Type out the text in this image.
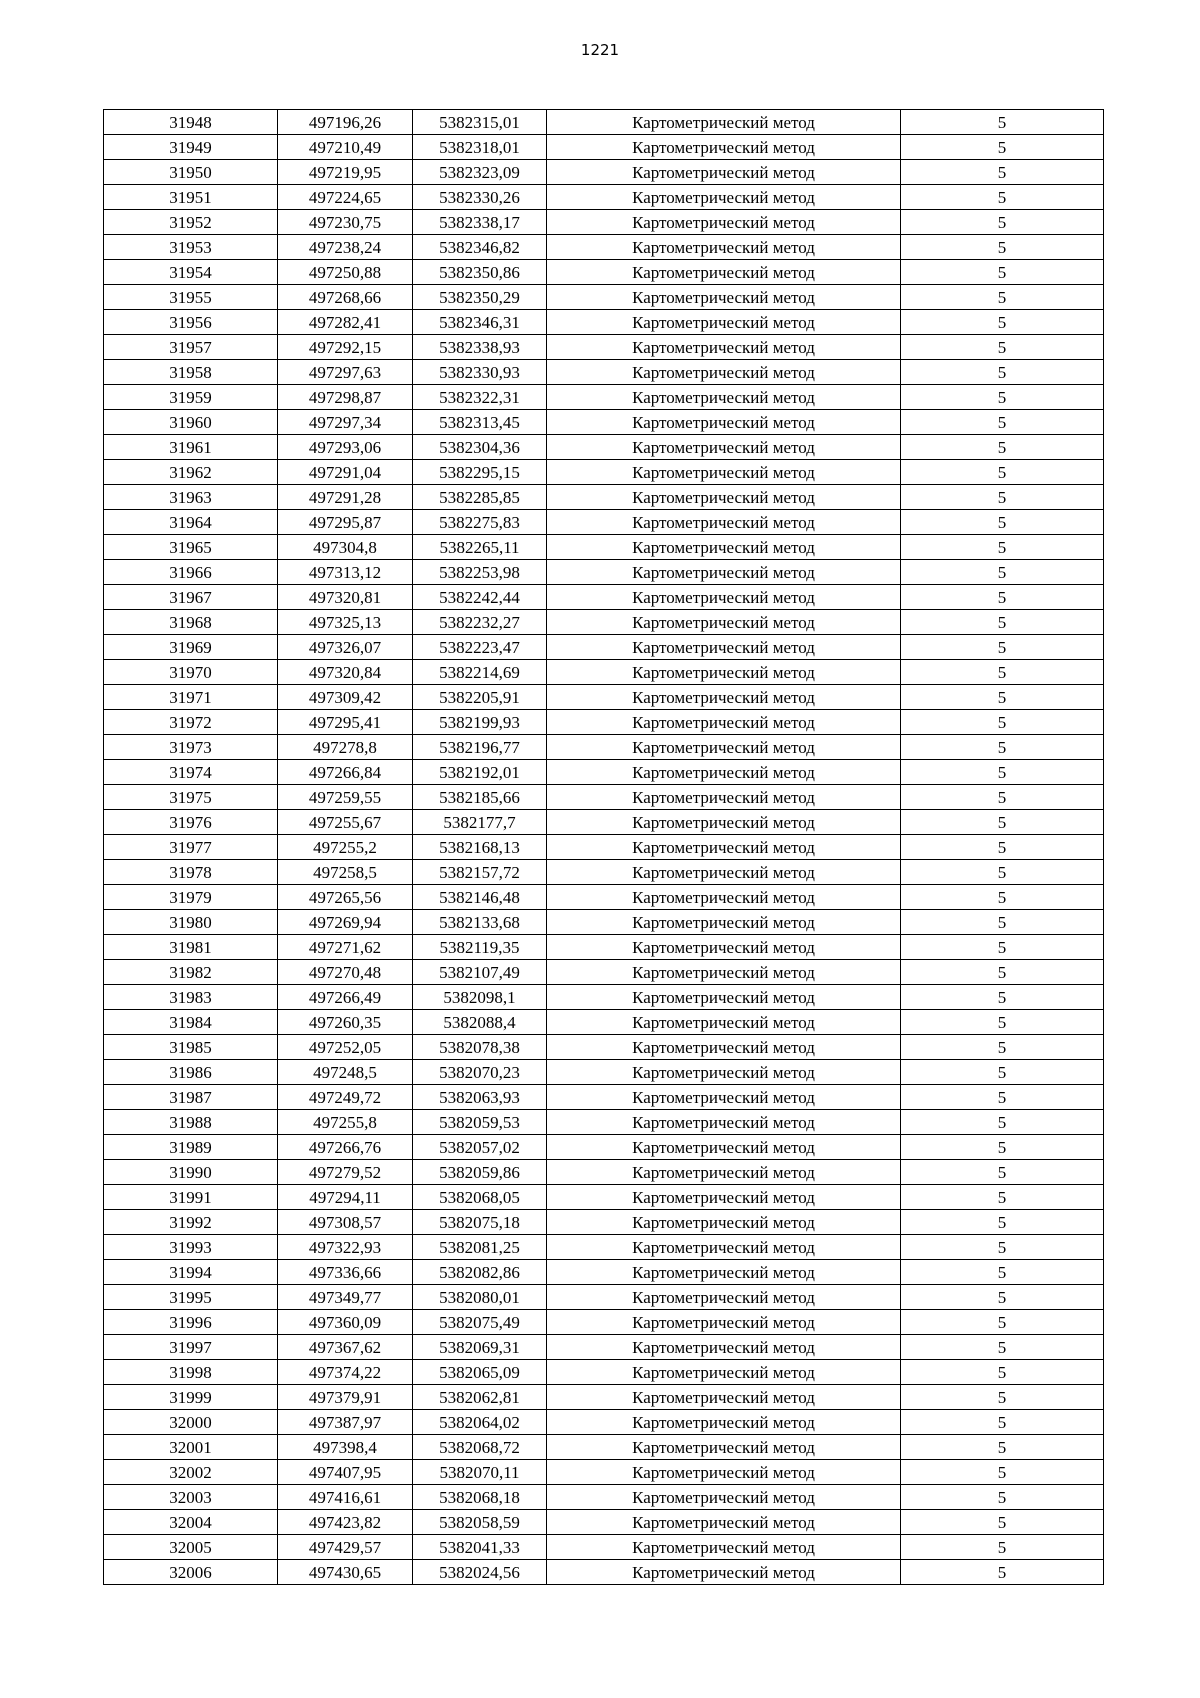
1221
31948	497196,26	5382315,01	Картометрический метод	5
31949	497210,49	5382318,01	Картометрический метод	5
31950	497219,95	5382323,09	Картометрический метод	5
31951	497224,65	5382330,26	Картометрический метод	5
31952	497230,75	5382338,17	Картометрический метод	5
31953	497238,24	5382346,82	Картометрический метод	5
31954	497250,88	5382350,86	Картометрический метод	5
31955	497268,66	5382350,29	Картометрический метод	5
31956	497282,41	5382346,31	Картометрический метод	5
31957	497292,15	5382338,93	Картометрический метод	5
31958	497297,63	5382330,93	Картометрический метод	5
31959	497298,87	5382322,31	Картометрический метод	5
31960	497297,34	5382313,45	Картометрический метод	5
31961	497293,06	5382304,36	Картометрический метод	5
31962	497291,04	5382295,15	Картометрический метод	5
31963	497291,28	5382285,85	Картометрический метод	5
31964	497295,87	5382275,83	Картометрический метод	5
31965	497304,8	5382265,11	Картометрический метод	5
31966	497313,12	5382253,98	Картометрический метод	5
31967	497320,81	5382242,44	Картометрический метод	5
31968	497325,13	5382232,27	Картометрический метод	5
31969	497326,07	5382223,47	Картометрический метод	5
31970	497320,84	5382214,69	Картометрический метод	5
31971	497309,42	5382205,91	Картометрический метод	5
31972	497295,41	5382199,93	Картометрический метод	5
31973	497278,8	5382196,77	Картометрический метод	5
31974	497266,84	5382192,01	Картометрический метод	5
31975	497259,55	5382185,66	Картометрический метод	5
31976	497255,67	5382177,7	Картометрический метод	5
31977	497255,2	5382168,13	Картометрический метод	5
31978	497258,5	5382157,72	Картометрический метод	5
31979	497265,56	5382146,48	Картометрический метод	5
31980	497269,94	5382133,68	Картометрический метод	5
31981	497271,62	5382119,35	Картометрический метод	5
31982	497270,48	5382107,49	Картометрический метод	5
31983	497266,49	5382098,1	Картометрический метод	5
31984	497260,35	5382088,4	Картометрический метод	5
31985	497252,05	5382078,38	Картометрический метод	5
31986	497248,5	5382070,23	Картометрический метод	5
31987	497249,72	5382063,93	Картометрический метод	5
31988	497255,8	5382059,53	Картометрический метод	5
31989	497266,76	5382057,02	Картометрический метод	5
31990	497279,52	5382059,86	Картометрический метод	5
31991	497294,11	5382068,05	Картометрический метод	5
31992	497308,57	5382075,18	Картометрический метод	5
31993	497322,93	5382081,25	Картометрический метод	5
31994	497336,66	5382082,86	Картометрический метод	5
31995	497349,77	5382080,01	Картометрический метод	5
31996	497360,09	5382075,49	Картометрический метод	5
31997	497367,62	5382069,31	Картометрический метод	5
31998	497374,22	5382065,09	Картометрический метод	5
31999	497379,91	5382062,81	Картометрический метод	5
32000	497387,97	5382064,02	Картометрический метод	5
32001	497398,4	5382068,72	Картометрический метод	5
32002	497407,95	5382070,11	Картометрический метод	5
32003	497416,61	5382068,18	Картометрический метод	5
32004	497423,82	5382058,59	Картометрический метод	5
32005	497429,57	5382041,33	Картометрический метод	5
32006	497430,65	5382024,56	Картометрический метод	5
